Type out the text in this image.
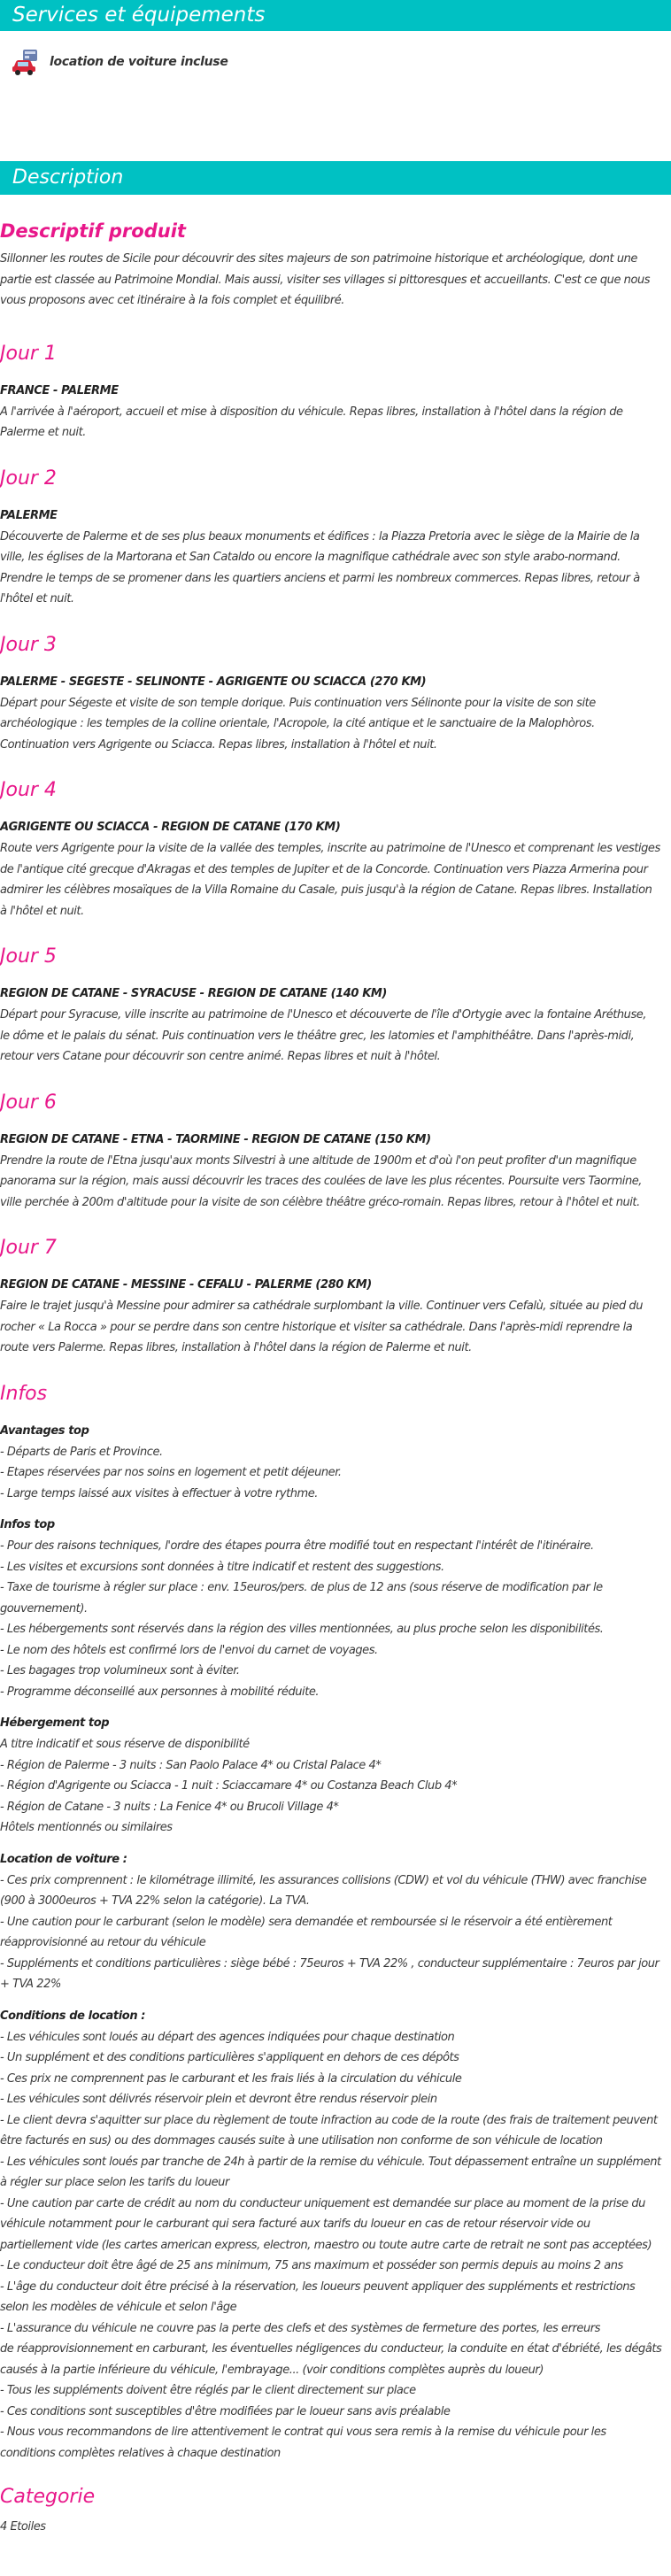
Services et équipements
location de voiture incluse
Description
Descriptif produit
Sillonner les routes de Sicile pour découvrir des sites majeurs de son patrimoine historique et archéologique, dont une
partie est classée au Patrimoine Mondial. Mais aussi, visiter ses villages si pittoresques et accueillants. C'est ce que nous
vous proposons avec cet itinéraire à la fois complet et équilibré.
Jour 1

FRANCE - PALERME

A l'arrivée à l'aéroport, accueil et mise à disposition du véhicule. Repas libres, installation à l'hôtel dans la région de
Palerme et nuit.
Jour 2

PALERME

Découverte de Palerme et de ses plus beaux monuments et édifices : la Piazza Pretoria avec le siège de la Mairie de la
ville, les églises de la Martorana et San Cataldo ou encore la magnifique cathédrale avec son style arabo-normand.
Prendre le temps de se promener dans les quartiers anciens et parmi les nombreux commerces. Repas libres, retour à
l'hôtel et nuit.
Jour 3

PALERME - SEGESTE - SELINONTE - AGRIGENTE OU SCIACCA (270 KM)

Départ pour Ségeste et visite de son temple dorique. Puis continuation vers Sélinonte pour la visite de son site
archéologique : les temples de la colline orientale, l'Acropole, la cité antique et le sanctuaire de la Malophòros.
Continuation vers Agrigente ou Sciacca. Repas libres, installation à l'hôtel et nuit.
Jour 4

AGRIGENTE OU SCIACCA - REGION DE CATANE (170 KM)

Route vers Agrigente pour la visite de la vallée des temples, inscrite au patrimoine de l'Unesco et comprenant les vestiges
de l'antique cité grecque d'Akragas et des temples de Jupiter et de la Concorde. Continuation vers Piazza Armerina pour
admirer les célèbres mosaïques de la Villa Romaine du Casale, puis jusqu'à la région de Catane. Repas libres. Installation
à l'hôtel et nuit.
Jour 5

REGION DE CATANE - SYRACUSE - REGION DE CATANE (140 KM)

Départ pour Syracuse, ville inscrite au patrimoine de l'Unesco et découverte de l'île d'Ortygie avec la fontaine Aréthuse,
le dôme et le palais du sénat. Puis continuation vers le théâtre grec, les latomies et l'amphithéâtre. Dans l'après-midi,
retour vers Catane pour découvrir son centre animé. Repas libres et nuit à l'hôtel.
Jour 6

REGION DE CATANE - ETNA - TAORMINE - REGION DE CATANE (150 KM)

Prendre la route de l'Etna jusqu'aux monts Silvestri à une altitude de 1900m et d'où l'on peut profiter d'un magnifique
panorama sur la région, mais aussi découvrir les traces des coulées de lave les plus récentes. Poursuite vers Taormine,
ville perchée à 200m d'altitude pour la visite de son célèbre théâtre gréco-romain. Repas libres, retour à l'hôtel et nuit.
Jour 7

REGION DE CATANE - MESSINE - CEFALU - PALERME (280 KM)

Faire le trajet jusqu'à Messine pour admirer sa cathédrale surplombant la ville. Continuer vers Cefalù, située au pied du
rocher « La Rocca » pour se perdre dans son centre historique et visiter sa cathédrale. Dans l'après-midi reprendre la
route vers Palerme. Repas libres, installation à l'hôtel dans la région de Palerme et nuit.
Infos

Avantages top

- Départs de Paris et Province.
- Etapes réservées par nos soins en logement et petit déjeuner.
- Large temps laissé aux visites à effectuer à votre rythme.

Infos top

- Pour des raisons techniques, l'ordre des étapes pourra être modifié tout en respectant l'intérêt de l'itinéraire.
- Les visites et excursions sont données à titre indicatif et restent des suggestions.
- Taxe de tourisme à régler sur place : env. 15euros/pers. de plus de 12 ans (sous réserve de modification par le
gouvernement).
- Les hébergements sont réservés dans la région des villes mentionnées, au plus proche selon les disponibilités.
- Le nom des hôtels est confirmé lors de l'envoi du carnet de voyages.
- Les bagages trop volumineux sont à éviter.
- Programme déconseillé aux personnes à mobilité réduite.

Hébergement top

A titre indicatif et sous réserve de disponibilité
- Région de Palerme - 3 nuits : San Paolo Palace 4* ou Cristal Palace 4*
- Région d'Agrigente ou Sciacca - 1 nuit : Sciaccamare 4* ou Costanza Beach Club 4*
- Région de Catane - 3 nuits : La Fenice 4* ou Brucoli Village 4*
Hôtels mentionnés ou similaires

Location de voiture :

- Ces prix comprennent : le kilométrage illimité, les assurances collisions (CDW) et vol du véhicule (THW) avec franchise
(900 à 3000euros + TVA 22% selon la catégorie). La TVA.
- Une caution pour le carburant (selon le modèle) sera demandée et remboursée si le réservoir a été entièrement
réapprovisionné au retour du véhicule
- Suppléments et conditions particulières : siège bébé : 75euros + TVA 22% , conducteur supplémentaire : 7euros par jour
+ TVA 22%

Conditions de location :

- Les véhicules sont loués au départ des agences indiquées pour chaque destination
- Un supplément et des conditions particulières s'appliquent en dehors de ces dépôts
- Ces prix ne comprennent pas le carburant et les frais liés à la circulation du véhicule
- Les véhicules sont délivrés réservoir plein et devront être rendus réservoir plein
- Le client devra s'aquitter sur place du règlement de toute infraction au code de la route (des frais de traitement peuvent
être facturés en sus) ou des dommages causés suite à une utilisation non conforme de son véhicule de location
- Les véhicules sont loués par tranche de 24h à partir de la remise du véhicule. Tout dépassement entraîne un supplément
à régler sur place selon les tarifs du loueur
- Une caution par carte de crédit au nom du conducteur uniquement est demandée sur place au moment de la prise du
véhicule notamment pour le carburant qui sera facturé aux tarifs du loueur en cas de retour réservoir vide ou
partiellement vide (les cartes american express, electron, maestro ou toute autre carte de retrait ne sont pas acceptées)
- Le conducteur doit être âgé de 25 ans minimum, 75 ans maximum et posséder son permis depuis au moins 2 ans
- L'âge du conducteur doit être précisé à la réservation, les loueurs peuvent appliquer des suppléments et restrictions
selon les modèles de véhicule et selon l'âge
- L'assurance du véhicule ne couvre pas la perte des clefs et des systèmes de fermeture des portes, les erreurs
de réapprovisionnement en carburant, les éventuelles négligences du conducteur, la conduite en état d'ébriété, les dégâts
causés à la partie inférieure du véhicule, l'embrayage... (voir conditions complètes auprès du loueur)
- Tous les suppléments doivent être réglés par le client directement sur place
- Ces conditions sont susceptibles d'être modifiées par le loueur sans avis préalable
- Nous vous recommandons de lire attentivement le contrat qui vous sera remis à la remise du véhicule pour les
conditions complètes relatives à chaque destination
Categorie
4 Etoiles
